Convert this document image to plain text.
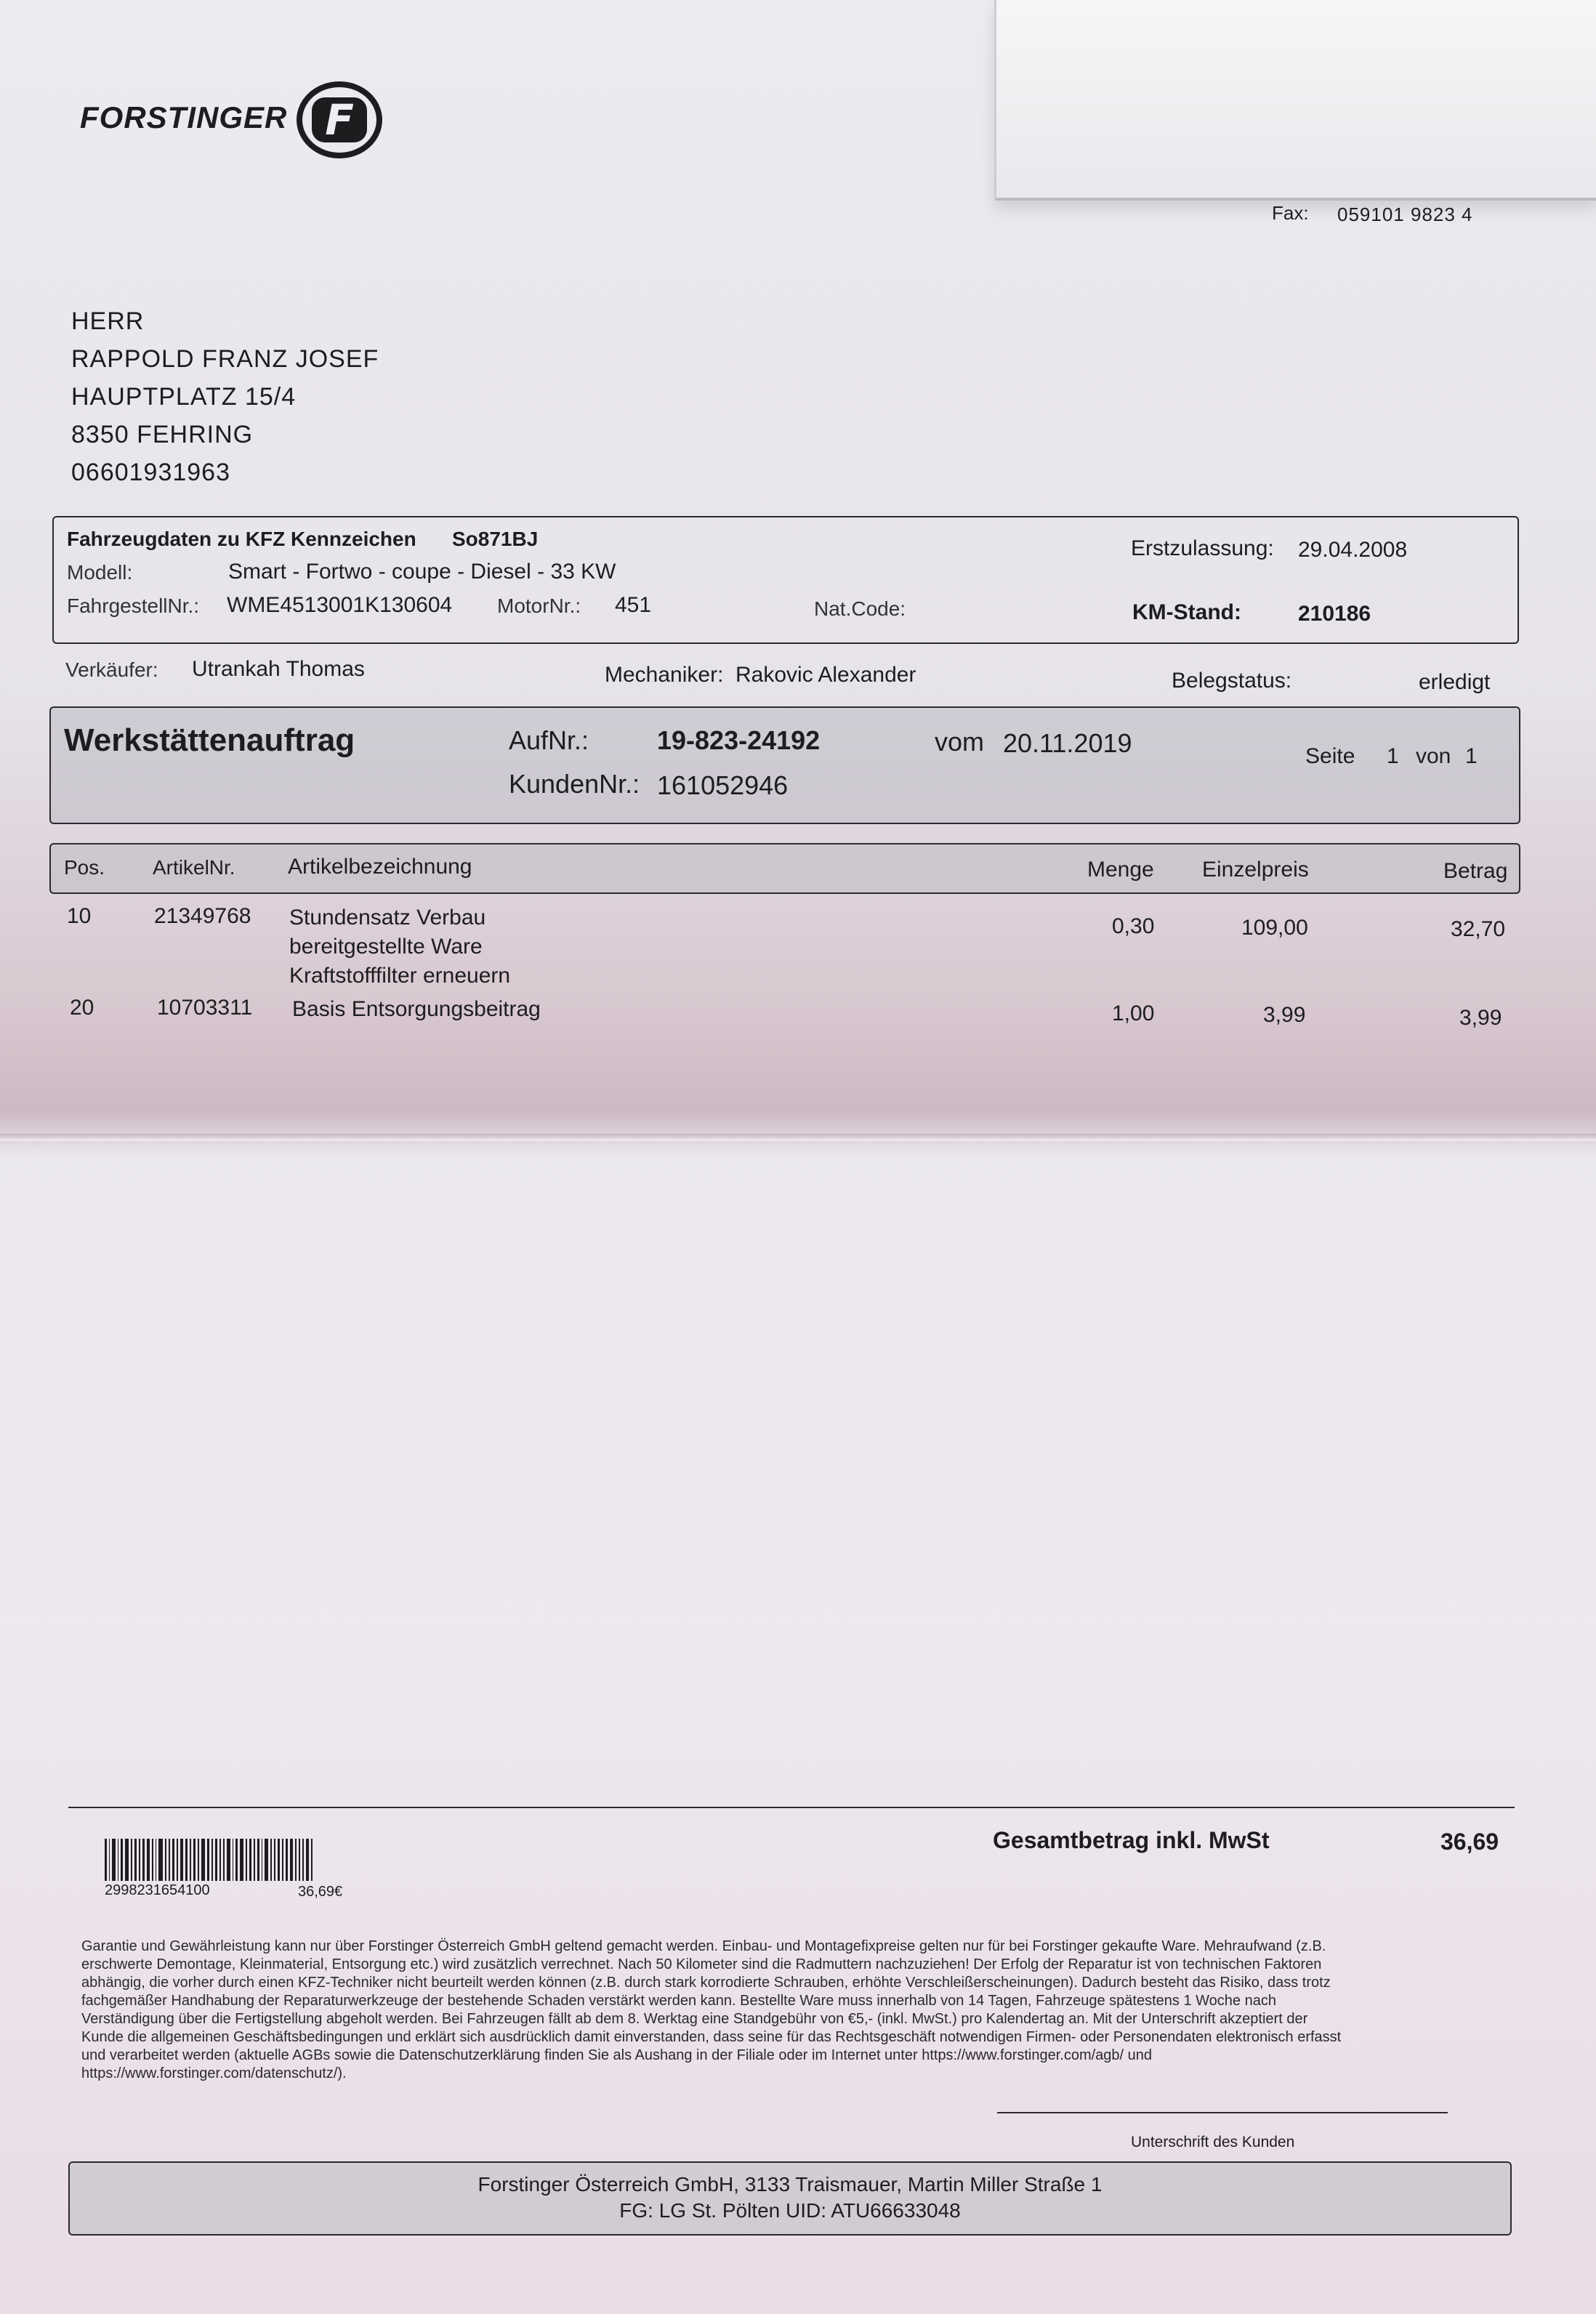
FORSTINGER F
Fax: 059101 9823 4
HERR
RAPPOLD FRANZ JOSEF
HAUPTPLATZ 15/4
8350 FEHRING
06601931963
Fahrzeugdaten zu KFZ Kennzeichen So871BJ
Modell:	Smart - Fortwo - coupe - Diesel - 33 KW
FahrgestellNr.: WME4513001K130604 MotorNr.: 451	Nat.Code:
Erstzulassung: 29.04.2008
KM-Stand:	210186
Verkäufer: Utrankah Thomas	Mechaniker: Rakovic Alexander	Belegstatus:	erledigt
Werkstättenauftrag	AufNr.:	19-823-24192	vom 20.11.2019
KundenNr.: 161052946
Seite 1 von 1
Pos. ArtikelNr. Artikelbezeichnung	Menge Einzelpreis	Betrag
10	21349768 Stundensatz Verbau
bereitgestellte Ware
Kraftstofffilter erneuern
0,30	109,00	32,70
20	10703311 Basis Entsorgungsbeitrag	1,00	3,99	3,99
Gesamtbetrag inkl. MwSt	36,69
2998231654100	36,69€
Garantie und Gewährleistung kann nur über Forstinger Österreich GmbH geltend gemacht werden. Einbau- und Montagefixpreise gelten nur für bei Forstinger gekaufte Ware. Mehraufwand (z.B.
erschwerte Demontage, Kleinmaterial, Entsorgung etc.) wird zusätzlich verrechnet. Nach 50 Kilometer sind die Radmuttern nachzuziehen! Der Erfolg der Reparatur ist von technischen Faktoren
abhängig, die vorher durch einen KFZ-Techniker nicht beurteilt werden können (z.B. durch stark korrodierte Schrauben, erhöhte Verschleißerscheinungen). Dadurch besteht das Risiko, dass trotz
fachgemäßer Handhabung der Reparaturwerkzeuge der bestehende Schaden verstärkt werden kann. Bestellte Ware muss innerhalb von 14 Tagen, Fahrzeuge spätestens 1 Woche nach
Verständigung über die Fertigstellung abgeholt werden. Bei Fahrzeugen fällt ab dem 8. Werktag eine Standgebühr von €5,- (inkl. MwSt.) pro Kalendertag an. Mit der Unterschrift akzeptiert der
Kunde die allgemeinen Geschäftsbedingungen und erklärt sich ausdrücklich damit einverstanden, dass seine für das Rechtsgeschäft notwendigen Firmen- oder Personendaten elektronisch erfasst
und verarbeitet werden (aktuelle AGBs sowie die Datenschutzerklärung finden Sie als Aushang in der Filiale oder im Internet unter https://www.forstinger.com/agb/ und
https://www.forstinger.com/datenschutz/).
Unterschrift des Kunden
Forstinger Österreich GmbH, 3133 Traismauer, Martin Miller Straße 1
FG: LG St. Pölten UID: ATU66633048
